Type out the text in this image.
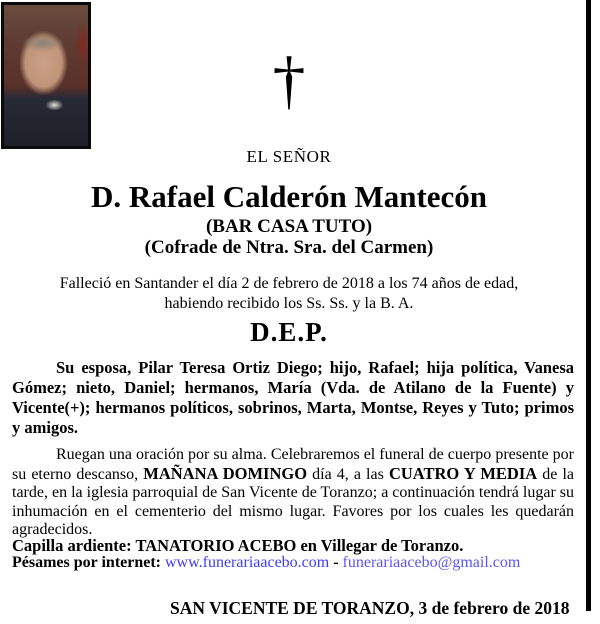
†
EL SEÑOR
D. Rafael Calderón Mantecón
(BAR CASA TUTO)
(Cofrade de Ntra. Sra. del Carmen)
Falleció en Santander el día 2 de febrero de 2018 a los 74 años de edad,
habiendo recibido los Ss. Ss. y la B. A.
D.E.P.
Su esposa, Pilar Teresa Ortiz Diego; hijo, Rafael; hija política, Vanesa Gómez; nieto, Daniel; hermanos, María (Vda. de Atilano de la Fuente) y Vicente(+); hermanos políticos, sobrinos, Marta, Montse, Reyes y Tuto; primos y amigos.
Ruegan una oración por su alma. Celebraremos el funeral de cuerpo presente por su eterno descanso, MAÑANA DOMINGO día 4, a las CUATRO Y MEDIA de la tarde, en la iglesia parroquial de San Vicente de Toranzo; a continuación tendrá lugar su inhumación en el cementerio del mismo lugar. Favores por los cuales les quedarán agradecidos.
Capilla ardiente: TANATORIO ACEBO en Villegar de Toranzo.
Pésames por internet: www.funerariaacebo.com - funerariaacebo@gmail.com
SAN VICENTE DE TORANZO, 3 de febrero de 2018
